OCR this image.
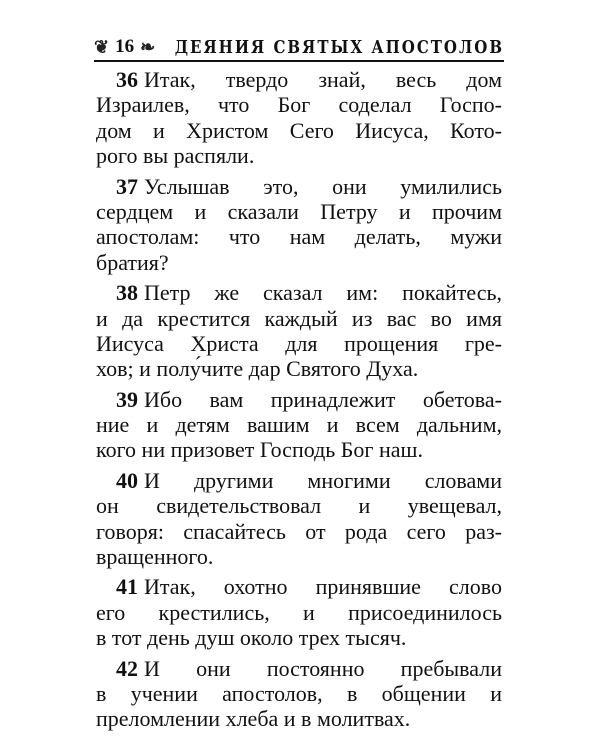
❦ 16 ❧ ДЕЯНИЯ СВЯТЫХ АПОСТОЛОВ
36 Итак, твердо знай, весь дом
Израилев, что Бог соделал Госпо-
дом и Христом Сего Иисуса, Кото-
рого вы распяли.
37 Услышав это, они умилились
сердцем и сказали Петру и прочим
апостолам: что нам делать, мужи
братия?
38 Петр же сказал им: покайтесь,
и да крестится каждый из вас во имя
Иисуса Христа для прощения гре-
хов; и полу́чите дар Святого Духа.
39 Ибо вам принадлежит обетова-
ние и детям вашим и всем дальним,
кого ни призовет Господь Бог наш.
40 И другими многими словами
он свидетельствовал и увещевал,
говоря: спасайтесь от рода сего раз-
вращенного.
41 Итак, охотно принявшие слово
его крестились, и присоединилось
в тот день душ около трех тысяч.
42 И они постоянно пребывали
в учении апостолов, в общении и
преломлении хлеба и в молитвах.
